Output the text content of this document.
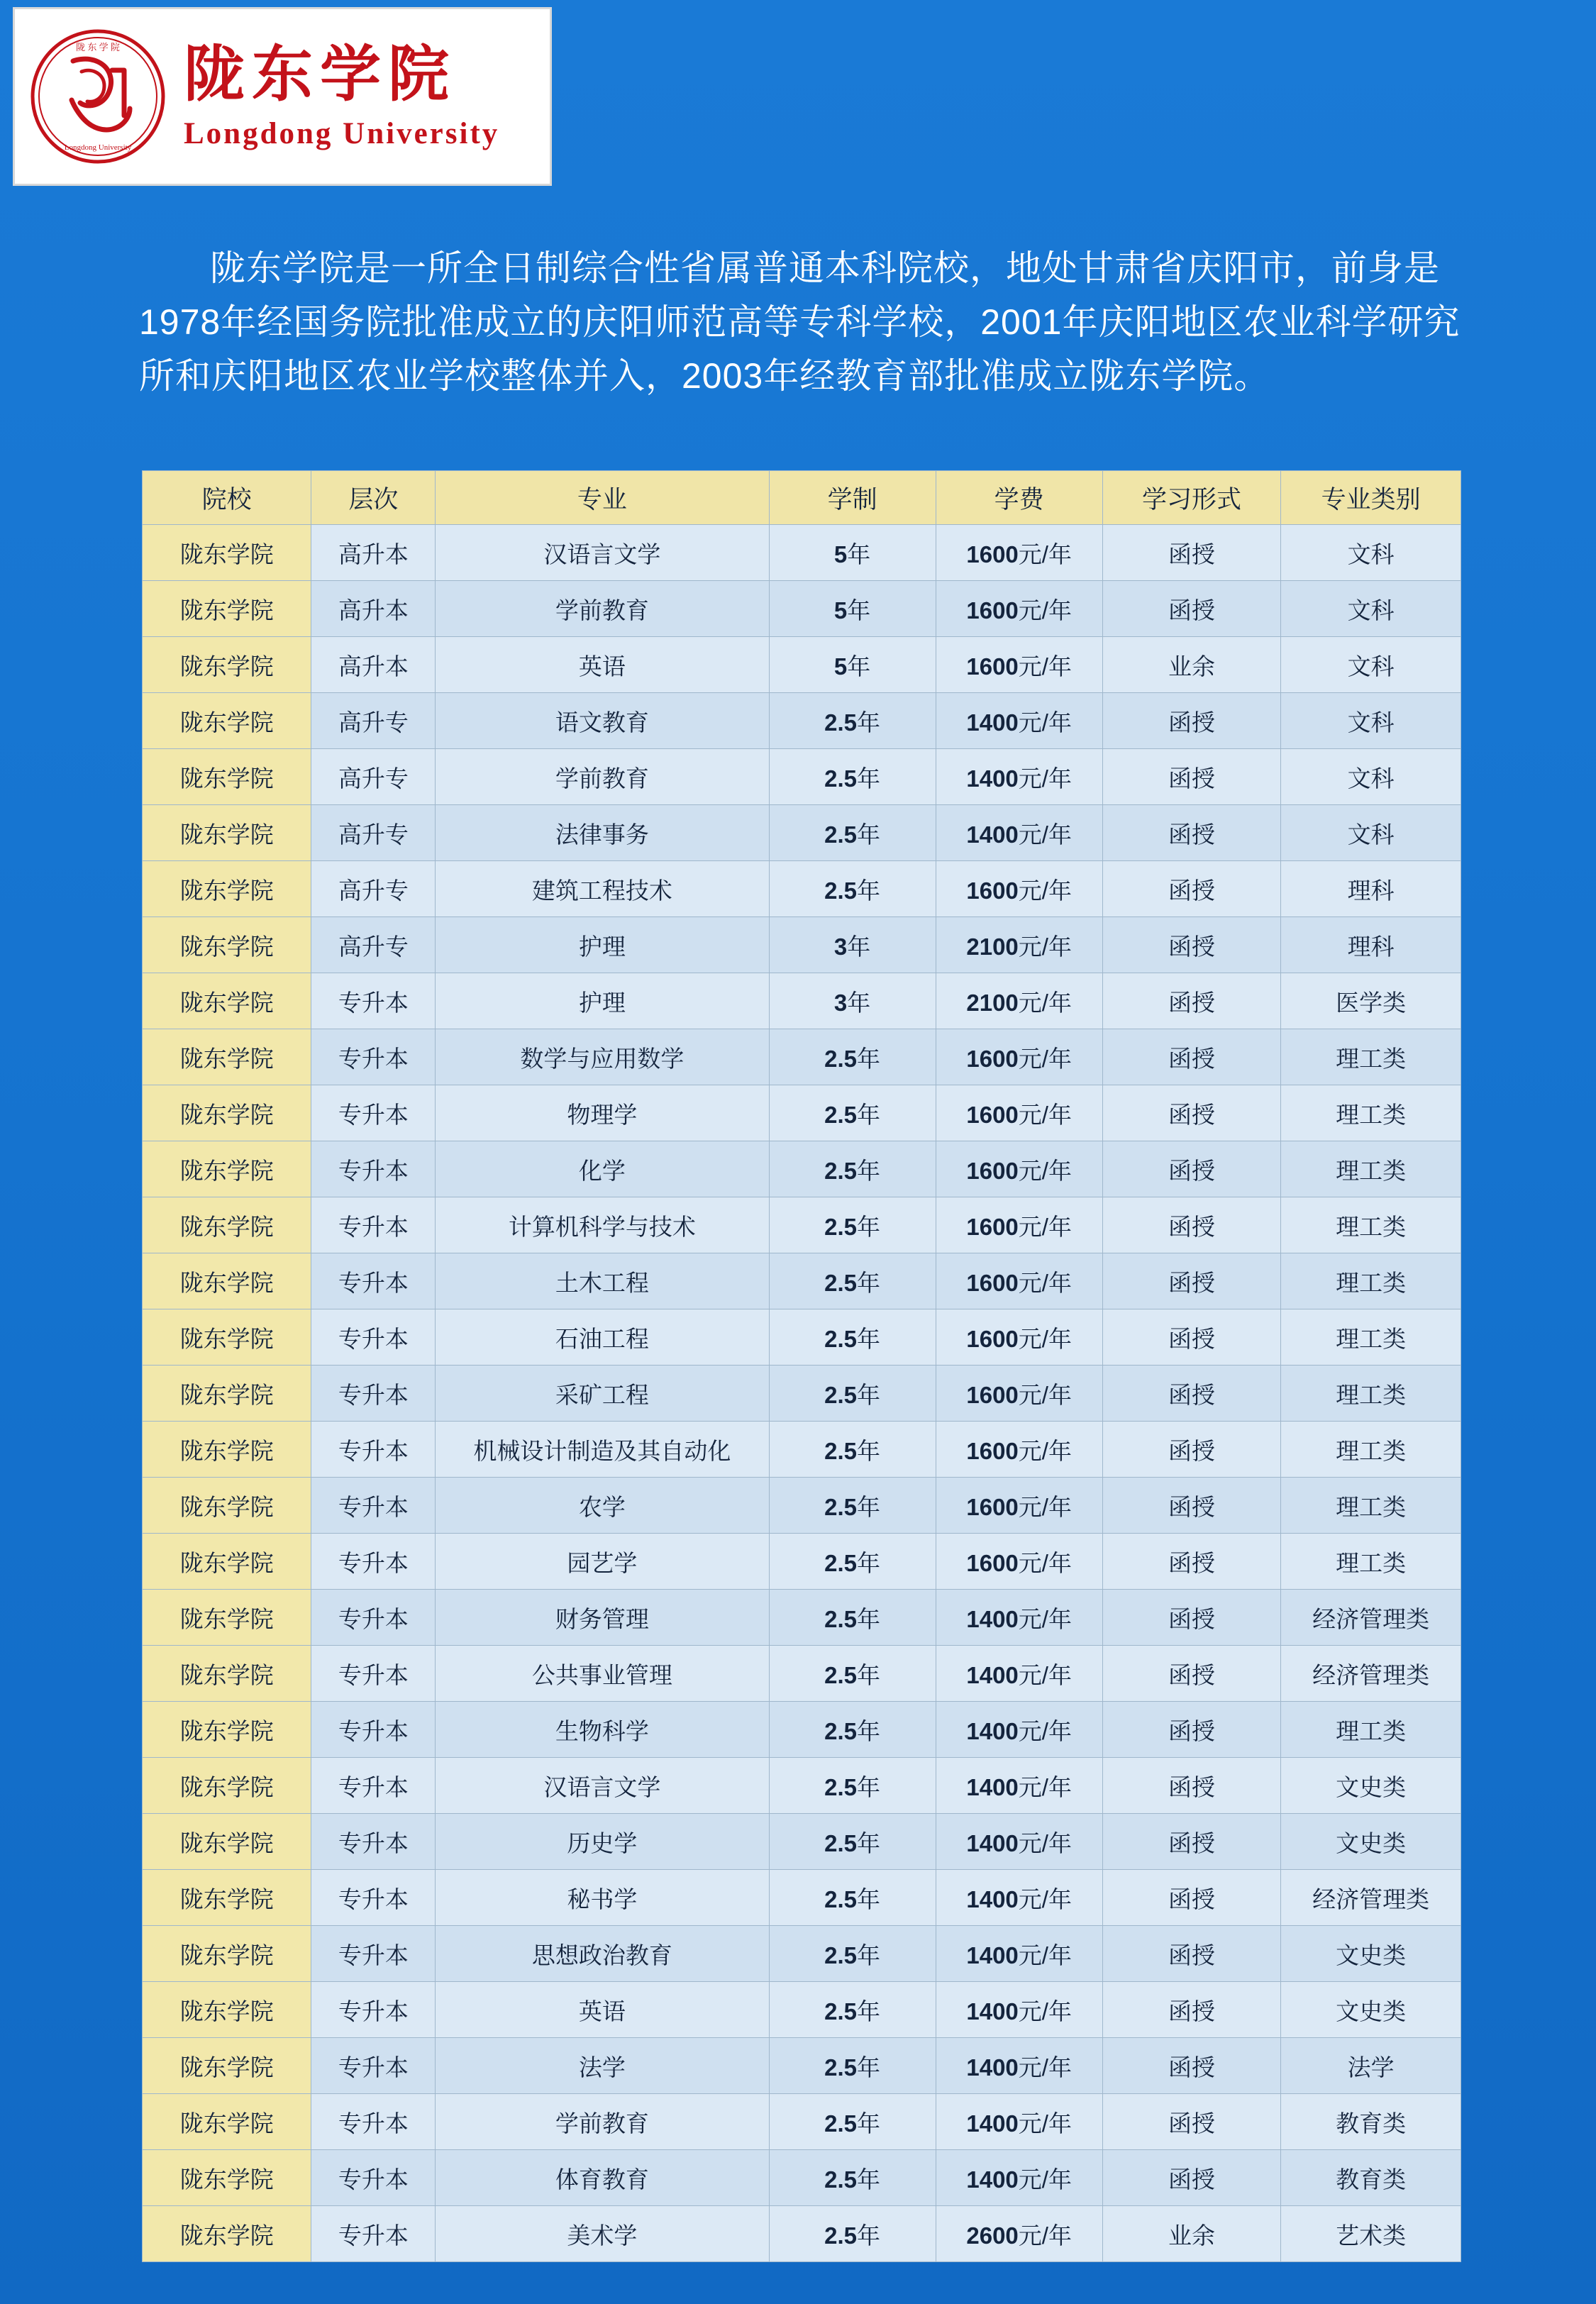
陇 东 学 院
Longdong University
陇东学院
Longdong University
陇东学院是一所全日制综合性省属普通本科院校，地处甘肃省庆阳市，前身是1978年经国务院批准成立的庆阳师范高等专科学校，2001年庆阳地区农业科学研究所和庆阳地区农业学校整体并入，2003年经教育部批准成立陇东学院。
院校	层次	专业	学制	学费	学习形式	专业类别
陇东学院	高升本	汉语言文学	5年	1600元/年	函授	文科
陇东学院	高升本	学前教育	5年	1600元/年	函授	文科
陇东学院	高升本	英语	5年	1600元/年	业余	文科
陇东学院	高升专	语文教育	2.5年	1400元/年	函授	文科
陇东学院	高升专	学前教育	2.5年	1400元/年	函授	文科
陇东学院	高升专	法律事务	2.5年	1400元/年	函授	文科
陇东学院	高升专	建筑工程技术	2.5年	1600元/年	函授	理科
陇东学院	高升专	护理	3年	2100元/年	函授	理科
陇东学院	专升本	护理	3年	2100元/年	函授	医学类
陇东学院	专升本	数学与应用数学	2.5年	1600元/年	函授	理工类
陇东学院	专升本	物理学	2.5年	1600元/年	函授	理工类
陇东学院	专升本	化学	2.5年	1600元/年	函授	理工类
陇东学院	专升本	计算机科学与技术	2.5年	1600元/年	函授	理工类
陇东学院	专升本	土木工程	2.5年	1600元/年	函授	理工类
陇东学院	专升本	石油工程	2.5年	1600元/年	函授	理工类
陇东学院	专升本	采矿工程	2.5年	1600元/年	函授	理工类
陇东学院	专升本	机械设计制造及其自动化	2.5年	1600元/年	函授	理工类
陇东学院	专升本	农学	2.5年	1600元/年	函授	理工类
陇东学院	专升本	园艺学	2.5年	1600元/年	函授	理工类
陇东学院	专升本	财务管理	2.5年	1400元/年	函授	经济管理类
陇东学院	专升本	公共事业管理	2.5年	1400元/年	函授	经济管理类
陇东学院	专升本	生物科学	2.5年	1400元/年	函授	理工类
陇东学院	专升本	汉语言文学	2.5年	1400元/年	函授	文史类
陇东学院	专升本	历史学	2.5年	1400元/年	函授	文史类
陇东学院	专升本	秘书学	2.5年	1400元/年	函授	经济管理类
陇东学院	专升本	思想政治教育	2.5年	1400元/年	函授	文史类
陇东学院	专升本	英语	2.5年	1400元/年	函授	文史类
陇东学院	专升本	法学	2.5年	1400元/年	函授	法学
陇东学院	专升本	学前教育	2.5年	1400元/年	函授	教育类
陇东学院	专升本	体育教育	2.5年	1400元/年	函授	教育类
陇东学院	专升本	美术学	2.5年	2600元/年	业余	艺术类
